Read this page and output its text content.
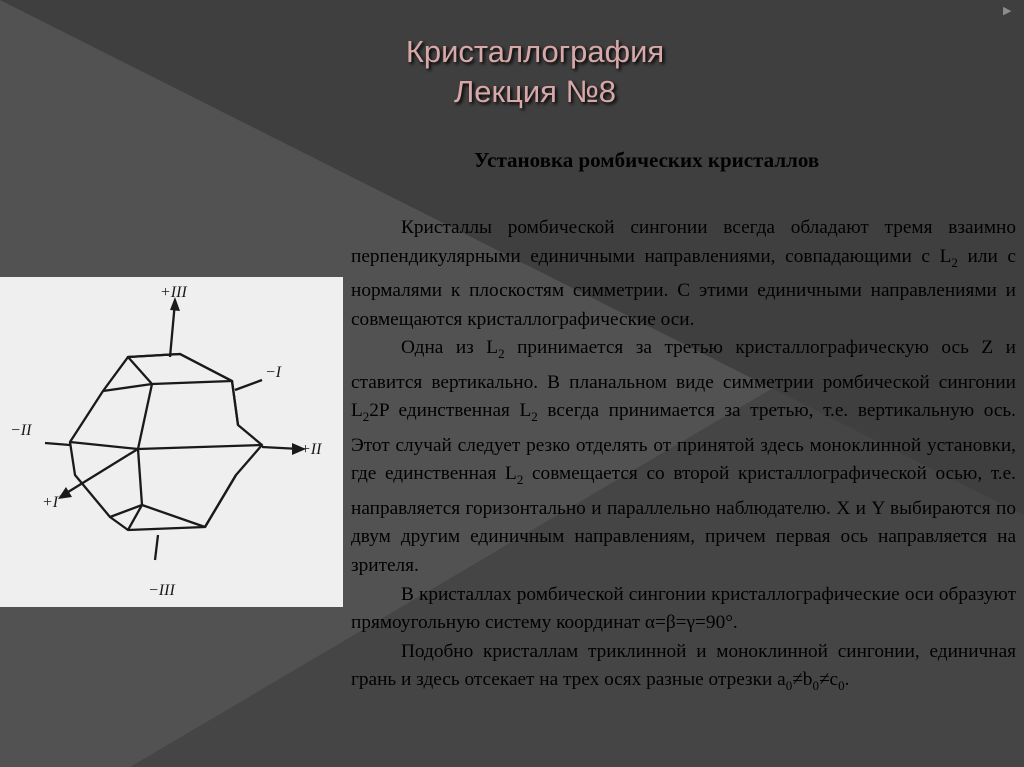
▶
Кристаллография
Лекция №8
+III
−III
−I
+I
−II
+II
Установка ромбических кристаллов

Кристаллы ромбической сингонии всегда обладают тремя взаимно перпендикулярными единичными направлениями, совпадающими с $L_2$ или с нормалями к плоскостям симметрии. С этими единичными направлениями и совмещаются кристаллографические оси.

Одна из $L_2$ принимается за третью кристаллографическую ось Z и ставится вертикально. В планальном виде симметрии ромбической сингонии $L_22P$ единственная $L_2$ всегда принимается за третью, т.е. вертикальную ось. Этот случай следует резко отделять от принятой здесь моноклинной установки, где единственная $L_2$ совмещается со второй кристаллографической осью, т.е. направляется горизонтально и параллельно наблюдателю. X и Y выбираются по двум другим единичным направлениям, причем первая ось направляется на зрителя.

В кристаллах ромбической сингонии кристаллографические оси образуют прямоугольную систему координат α=β=γ=90°.

Подобно кристаллам триклинной и моноклинной сингонии, единичная грань и здесь отсекает на трех осях разные отрезки $а_0\ne b_0\ne c_0$.
